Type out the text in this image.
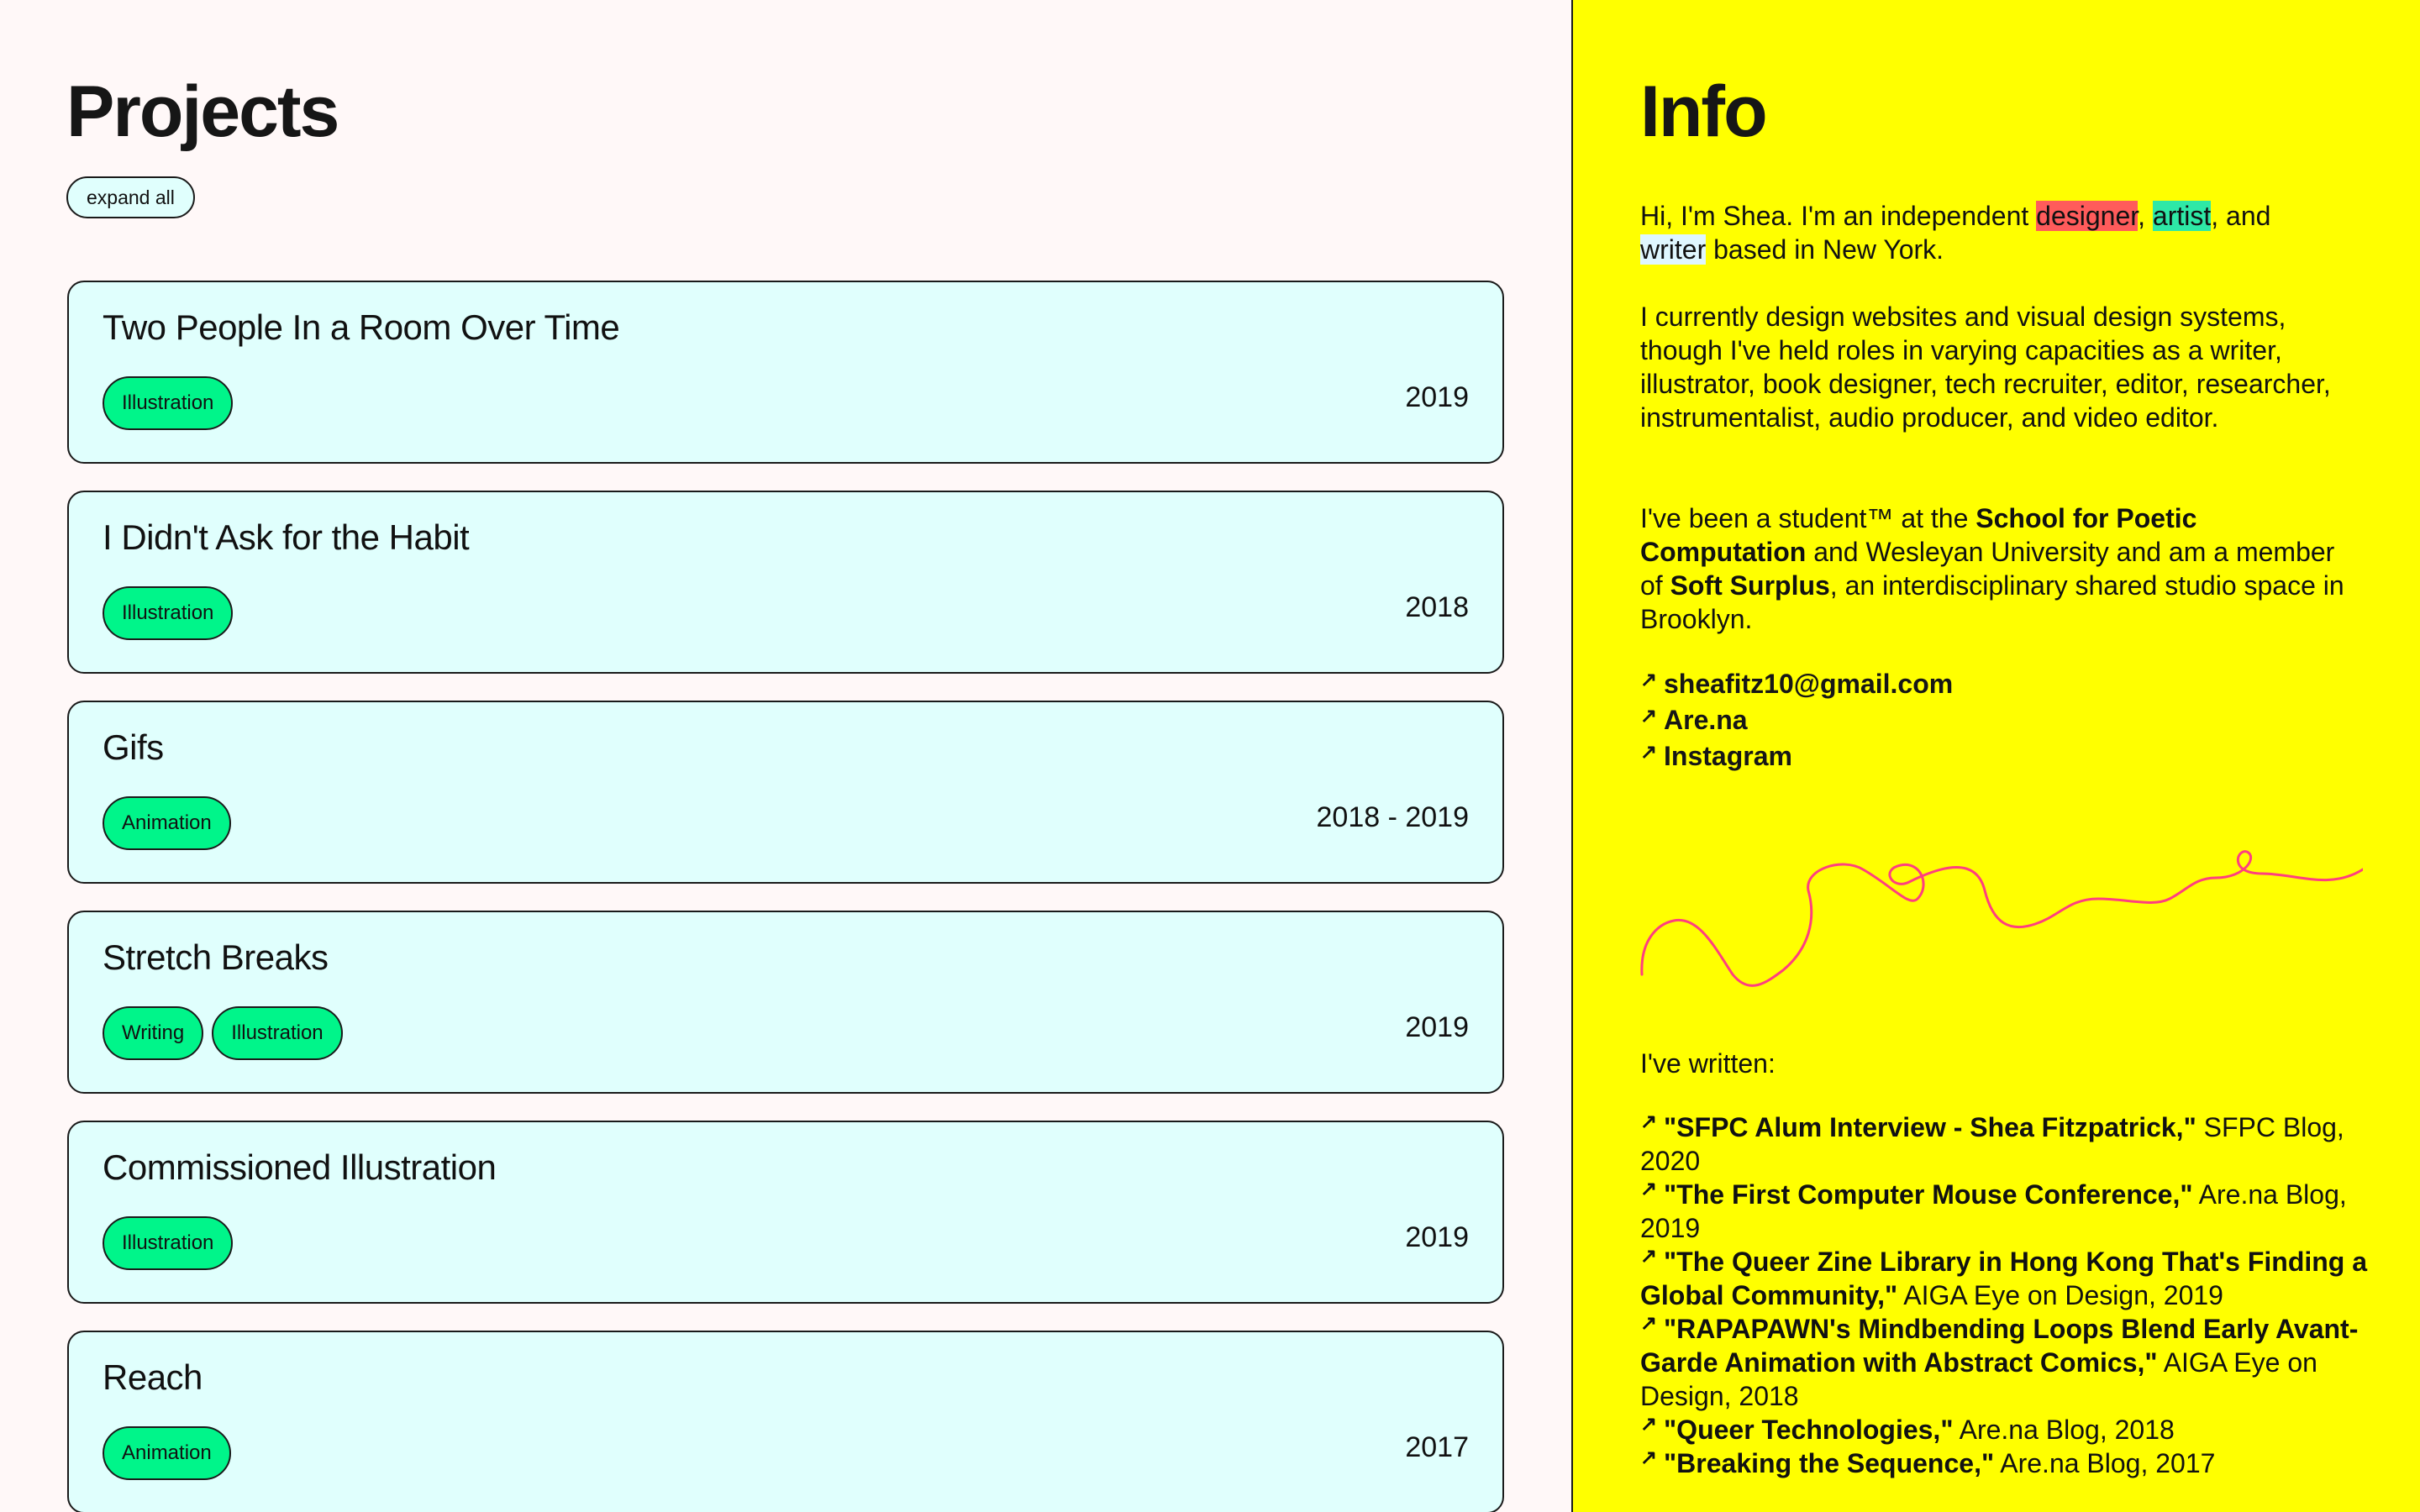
Projects
expand all
Two People In a Room Over Time
Illustration	2019
I Didn't Ask for the Habit
Illustration	2018
Gifs
Animation	2018 - 2019
Stretch Breaks
Writing	Illustration	2019
Commissioned Illustration
Illustration	2019
Reach
Animation	2017
Info

Hi, I'm Shea. I'm an independent designer, artist, and
writer based in New York.

I currently design websites and visual design systems, though I've held roles in varying capacities as a writer, illustrator, book designer, tech recruiter, editor, researcher, instrumentalist, audio producer, and video editor.

I've been a student™ at the School for Poetic Computation and Wesleyan University and am a member of Soft Surplus, an interdisciplinary shared studio space in Brooklyn.

↗ sheafitz10@gmail.com
↗ Are.na
↗ Instagram

I've written:

↗ "SFPC Alum Interview - Shea Fitzpatrick," SFPC Blog, 2020
↗ "The First Computer Mouse Conference," Are.na Blog, 2019
↗ "The Queer Zine Library in Hong Kong That's Finding a Global Community," AIGA Eye on Design, 2019
↗ "RAPAPAWN's Mindbending Loops Blend Early Avant-Garde Animation with Abstract Comics," AIGA Eye on Design, 2018
↗ "Queer Technologies," Are.na Blog, 2018
↗ "Breaking the Sequence," Are.na Blog, 2017
